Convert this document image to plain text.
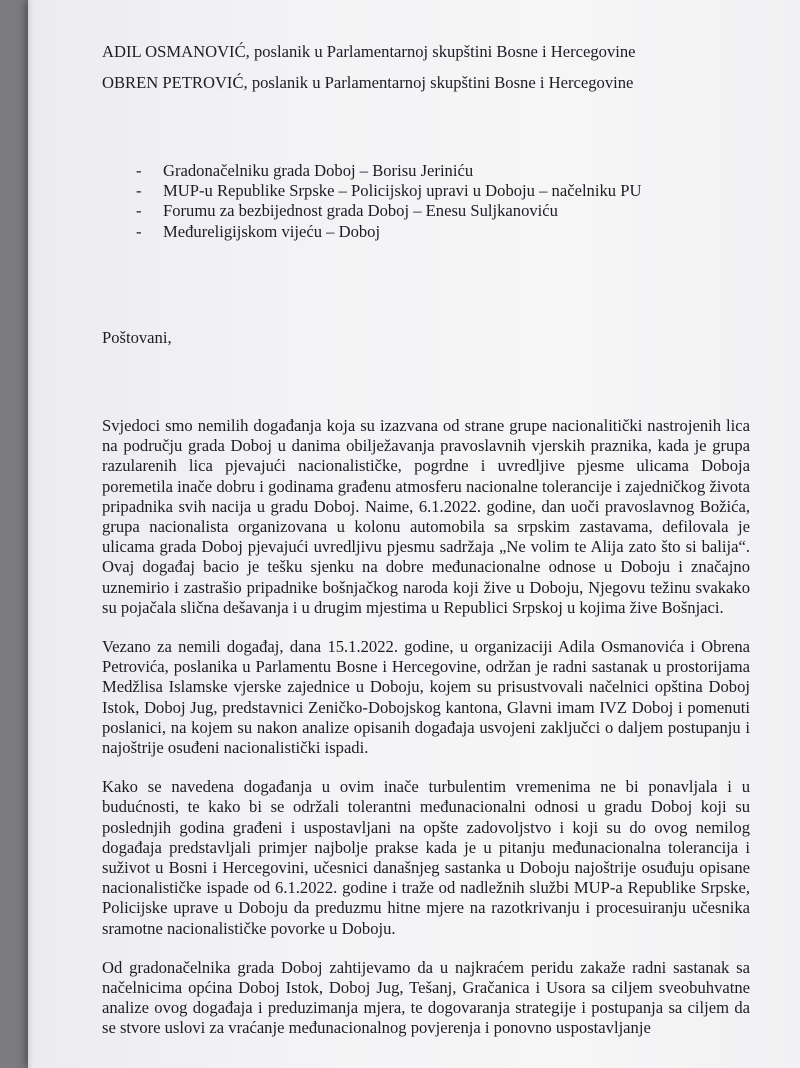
ADIL OSMANOVIĆ, poslanik u Parlamentarnoj skupštini Bosne i Hercegovine
OBREN PETROVIĆ, poslanik u Parlamentarnoj skupštini Bosne i Hercegovine
- Gradonačelniku grada Doboj – Borisu Jeriniću
- MUP-u Republike Srpske – Policijskoj upravi u Doboju – načelniku PU
- Forumu za bezbijednost grada Doboj – Enesu Suljkanoviću
- Međureligijskom vijeću – Doboj
Poštovani,

Svjedoci smo nemilih događanja koja su izazvana od strane grupe nacionalitički nastrojenih lica na području grada Doboj u danima obilježavanja pravoslavnih vjerskih praznika, kada je grupa razularenih lica pjevajući nacionalističke, pogrdne i uvredljive pjesme ulicama Doboja poremetila inače dobru i godinama građenu atmosferu nacionalne tolerancije i zajedničkog života pripadnika svih nacija u gradu Doboj. Naime, 6.1.2022. godine, dan uoči pravoslavnog Božića, grupa nacionalista organizovana u kolonu automobila sa srpskim zastavama, defilovala je ulicama grada Doboj pjevajući uvredljivu pjesmu sadržaja „Ne volim te Alija zato što si balija“. Ovaj događaj bacio je tešku sjenku na dobre međunacionalne odnose u Doboju i značajno uznemirio i zastrašio pripadnike bošnjačkog naroda koji žive u Doboju, Njegovu težinu svakako su pojačala slična dešavanja i u drugim mjestima u Republici Srpskoj u kojima žive Bošnjaci.

Vezano za nemili događaj, dana 15.1.2022. godine, u organizaciji Adila Osmanovića i Obrena Petrovića, poslanika u Parlamentu Bosne i Hercegovine, održan je radni sastanak u prostorijama Medžlisa Islamske vjerske zajednice u Doboju, kojem su prisustvovali načelnici opština Doboj Istok, Doboj Jug, predstavnici Zeničko-Dobojskog kantona, Glavni imam IVZ Doboj i pomenuti poslanici, na kojem su nakon analize opisanih događaja usvojeni zaključci o daljem postupanju i najoštrije osuđeni nacionalistički ispadi.

Kako se navedena događanja u ovim inače turbulentim vremenima ne bi ponavljala i u budućnosti, te kako bi se održali tolerantni međunacionalni odnosi u gradu Doboj koji su poslednjih godina građeni i uspostavljani na opšte zadovoljstvo i koji su do ovog nemilog događaja predstavljali primjer najbolje prakse kada je u pitanju međunacionalna tolerancija i suživot u Bosni i Hercegovini, učesnici današnjeg sastanka u Doboju najoštrije osuđuju opisane nacionalističke ispade od 6.1.2022. godine i traže od nadležnih službi MUP-a Republike Srpske, Policijske uprave u Doboju da preduzmu hitne mjere na razotkrivanju i procesuiranju učesnika sramotne nacionalističke povorke u Doboju.

Od gradonačelnika grada Doboj zahtijevamo da u najkraćem peridu zakaže radni sastanak sa načelnicima općina Doboj Istok, Doboj Jug, Tešanj, Gračanica i Usora sa ciljem sveobuhvatne analize ovog događaja i preduzimanja mjera, te dogovaranja strategije i postupanja sa ciljem da se stvore uslovi za vraćanje međunacionalnog povjerenja i ponovno uspostavljanje
